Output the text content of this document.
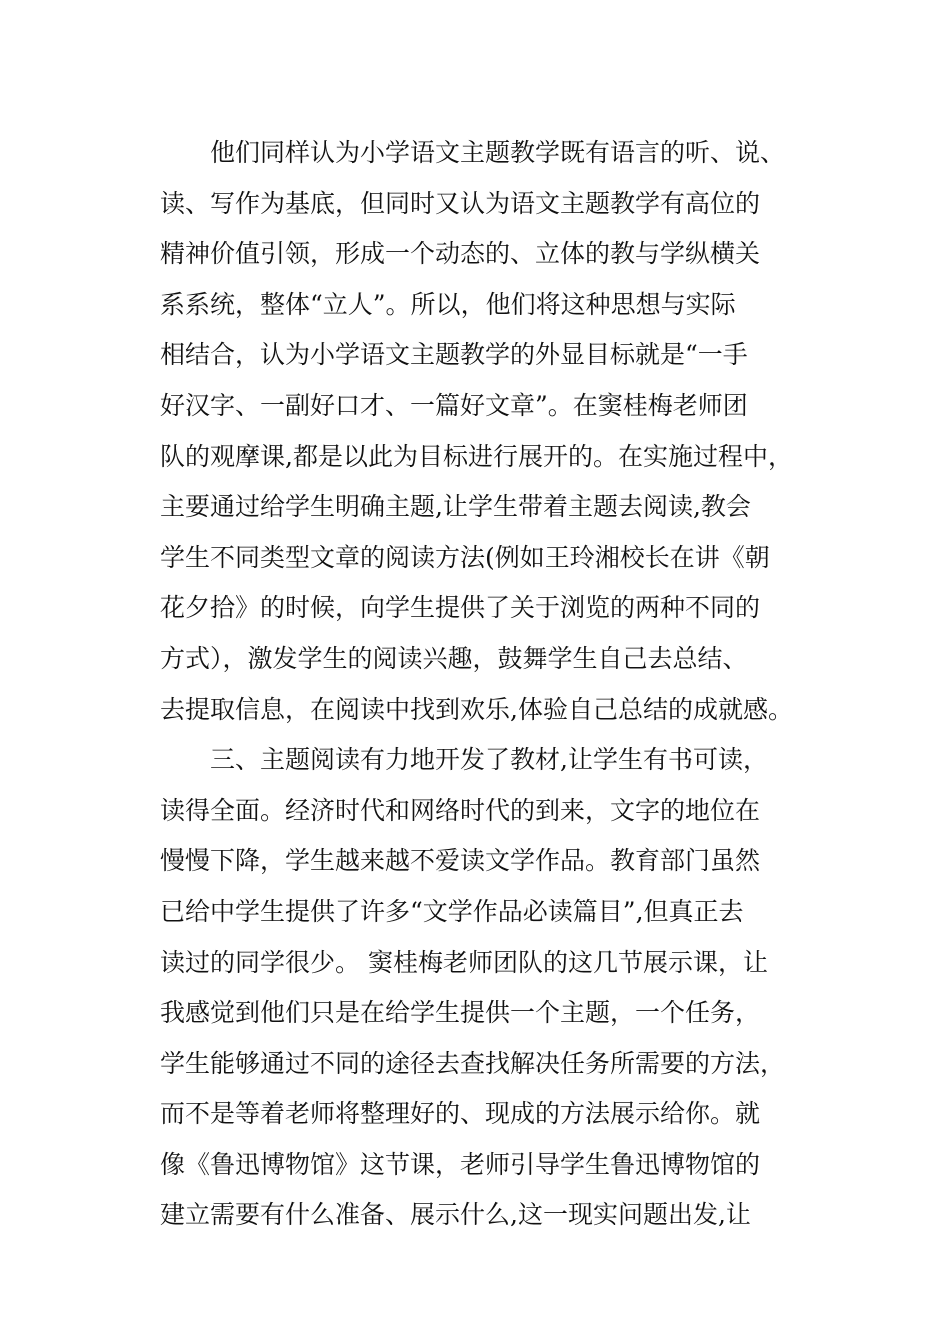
　　他们同样认为小学语文主题教学既有语言的听、说、
读、写作为基底，但同时又认为语文主题教学有高位的
精神价值引领，形成一个动态的、立体的教与学纵横关
系系统，整体“立人”。所以，他们将这种思想与实际
相结合，认为小学语文主题教学的外显目标就是“一手
好汉字、一副好口才、一篇好文章”。在窦桂梅老师团
队的观摩课,都是以此为目标进行展开的。在实施过程中，
主要通过给学生明确主题,让学生带着主题去阅读,教会
学生不同类型文章的阅读方法(例如王玲湘校长在讲《朝
花夕拾》的时候，向学生提供了关于浏览的两种不同的
方式），激发学生的阅读兴趣，鼓舞学生自己去总结、
去提取信息，在阅读中找到欢乐,体验自己总结的成就感。
　　三、主题阅读有力地开发了教材,让学生有书可读，
读得全面。经济时代和网络时代的到来，文字的地位在
慢慢下降，学生越来越不爱读文学作品。教育部门虽然
已给中学生提供了许多“文学作品必读篇目”,但真正去
读过的同学很少。 窦桂梅老师团队的这几节展示课，让
我感觉到他们只是在给学生提供一个主题，一个任务，
学生能够通过不同的途径去查找解决任务所需要的方法，
而不是等着老师将整理好的、现成的方法展示给你。就
像《鲁迅博物馆》这节课，老师引导学生鲁迅博物馆的
建立需要有什么准备、展示什么,这一现实问题出发,让
